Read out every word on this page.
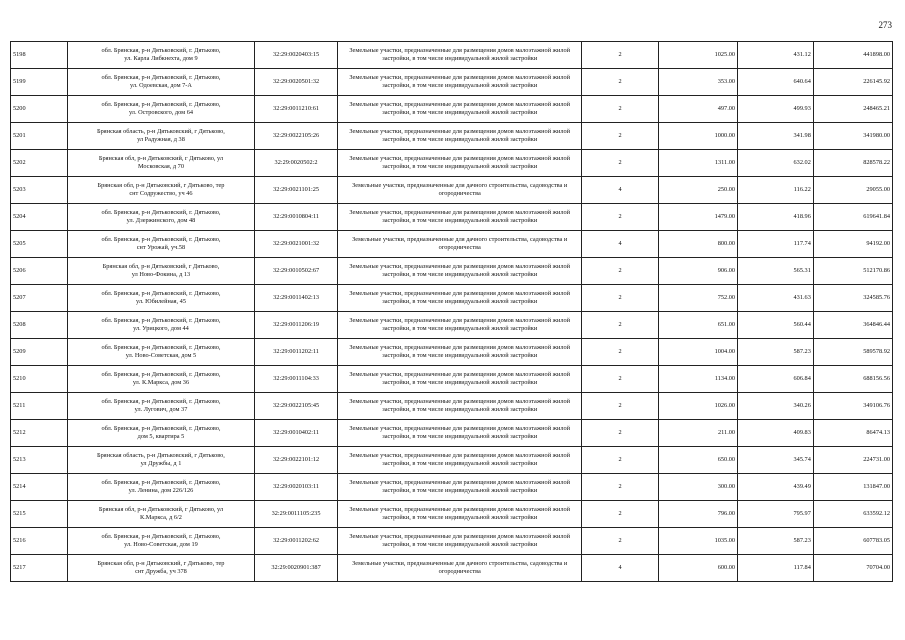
273
5198	обл. Брянская, р-н Дятьковский, г. Дятьково,
ул. Карла Либкнехта, дом 9	32:29:0020403:15	Земельные участки, предназначенные для размещения домов малоэтажной жилой застройки, в том числе индивидуальной жилой застройки	2	1025.00	431.12	441898.00
5199	обл. Брянская, р-н Дятьковский, г. Дятьково,
ул. Одоевская, дом 7-А	32:29:0020501:32	Земельные участки, предназначенные для размещения домов малоэтажной жилой застройки, в том числе индивидуальной жилой застройки	2	353.00	640.64	226145.92
5200	обл. Брянская, р-н Дятьковский, г. Дятьково,
ул. Островского, дом 64	32:29:0011210:61	Земельные участки, предназначенные для размещения домов малоэтажной жилой застройки, в том числе индивидуальной жилой застройки	2	497.00	499.93	248465.21
5201	Брянская область, р-н Дятьковский, г Дятьково,
ул Радужная, д 38	32:29:0022105:26	Земельные участки, предназначенные для размещения домов малоэтажной жилой застройки, в том числе индивидуальной жилой застройки	2	1000.00	341.98	341980.00
5202	Брянская обл, р-н Дятьковский, г Дятьково, ул
Московская, д 70	32:29:0020502:2	Земельные участки, предназначенные для размещения домов малоэтажной жилой застройки, в том числе индивидуальной жилой застройки	2	1311.00	632.02	828578.22
5203	Брянская обл, р-н Дятьковский, г Дятьково, тер
снт Содружество, уч 46	32:29:0021101:25	Земельные участки, предназначенные для дачного строительства, садоводства и огородничества	4	250.00	116.22	29055.00
5204	обл. Брянская, р-н Дятьковский, г. Дятьково,
ул. Дзержинского, дом 48	32:29:0010804:11	Земельные участки, предназначенные для размещения домов малоэтажной жилой застройки, в том числе индивидуальной жилой застройки	2	1479.00	418.96	619641.84
5205	обл. Брянская, р-н Дятьковский, г. Дятьково,
снт Урожай, уч.58	32:29:0021001:32	Земельные участки, предназначенные для дачного строительства, садоводства и огородничества	4	800.00	117.74	94192.00
5206	Брянская обл, р-н Дятьковский, г Дятьково,
ул Ново-Фокина, д 13	32:29:0010502:67	Земельные участки, предназначенные для размещения домов малоэтажной жилой застройки, в том числе индивидуальной жилой застройки	2	906.00	565.31	512170.86
5207	обл. Брянская, р-н Дятьковский, г. Дятьково,
ул. Юбилейная, 45	32:29:0011402:13	Земельные участки, предназначенные для размещения домов малоэтажной жилой застройки, в том числе индивидуальной жилой застройки	2	752.00	431.63	324585.76
5208	обл. Брянская, р-н Дятьковский, г. Дятьково,
ул. Урицкого, дом 44	32:29:0011206:19	Земельные участки, предназначенные для размещения домов малоэтажной жилой застройки, в том числе индивидуальной жилой застройки	2	651.00	560.44	364846.44
5209	обл. Брянская, р-н Дятьковский, г. Дятьково,
ул. Ново-Советская, дом 5	32:29:0011202:11	Земельные участки, предназначенные для размещения домов малоэтажной жилой застройки, в том числе индивидуальной жилой застройки	2	1004.00	587.23	589578.92
5210	обл. Брянская, р-н Дятьковский, г. Дятьково,
ул. К.Маркса, дом 36	32:29:0011104:33	Земельные участки, предназначенные для размещения домов малоэтажной жилой застройки, в том числе индивидуальной жилой застройки	2	1134.00	606.84	688156.56
5211	обл. Брянская, р-н Дятьковский, г. Дятьково,
ул. Лугович, дом 37	32:29:0022105:45	Земельные участки, предназначенные для размещения домов малоэтажной жилой застройки, в том числе индивидуальной жилой застройки	2	1026.00	340.26	349106.76
5212	обл. Брянская, р-н Дятьковский, г. Дятьково,
дом 5, квартира 5	32:29:0010402:11	Земельные участки, предназначенные для размещения домов малоэтажной жилой застройки, в том числе индивидуальной жилой застройки	2	211.00	409.83	86474.13
5213	Брянская область, р-н Дятьковский, г Дятьково,
ул Дружбы, д 1	32:29:0022101:12	Земельные участки, предназначенные для размещения домов малоэтажной жилой застройки, в том числе индивидуальной жилой застройки	2	650.00	345.74	224731.00
5214	обл. Брянская, р-н Дятьковский, г. Дятьково,
ул. Ленина, дом 226/126	32:29:0020103:11	Земельные участки, предназначенные для размещения домов малоэтажной жилой застройки, в том числе индивидуальной жилой застройки	2	300.00	439.49	131847.00
5215	Брянская обл, р-н Дятьковский, г Дятьково, ул
К.Маркса, д 6/2	32:29:0011105:235	Земельные участки, предназначенные для размещения домов малоэтажной жилой застройки, в том числе индивидуальной жилой застройки	2	796.00	795.97	633592.12
5216	обл. Брянская, р-н Дятьковский, г. Дятьково,
ул. Ново-Советская, дом 19	32:29:0011202:62	Земельные участки, предназначенные для размещения домов малоэтажной жилой застройки, в том числе индивидуальной жилой застройки	2	1035.00	587.23	607783.05
5217	Брянская обл, р-н Дятьковский, г Дятьково, тер
снт Дружба, уч 378	32:29:0020901:387	Земельные участки, предназначенные для дачного строительства, садоводства и огородничества	4	600.00	117.84	70704.00
